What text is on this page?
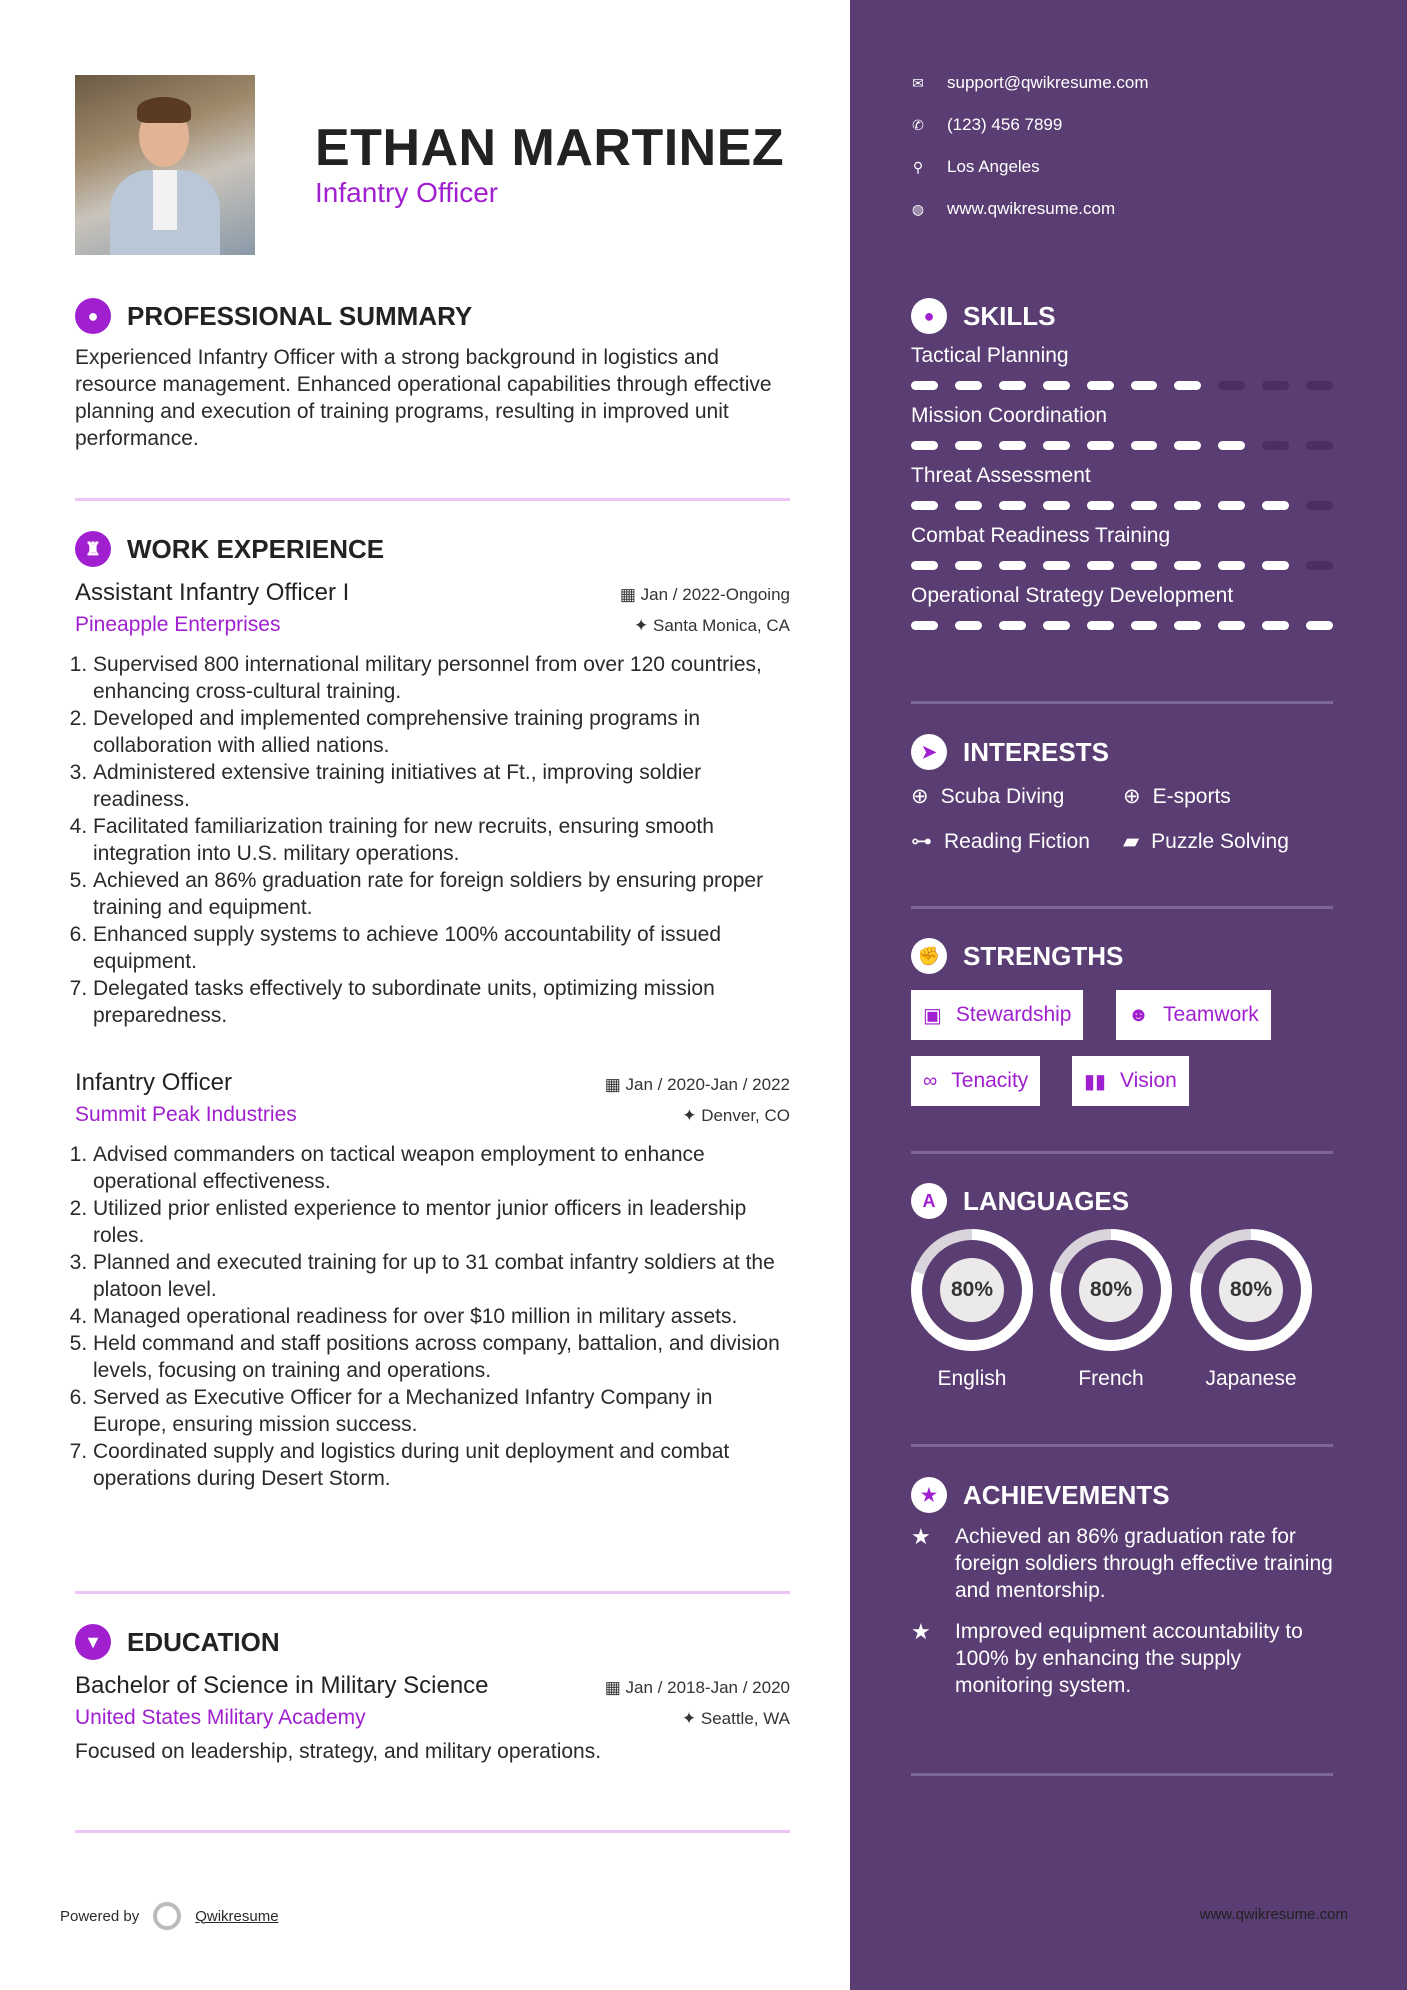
ETHAN MARTINEZ
Infantry Officer
✉ support@qwikresume.com
✆ (123) 456 7899
⚲ Los Angeles
◍ www.qwikresume.com
●	PROFESSIONAL SUMMARY

Experienced Infantry Officer with a strong background in logistics and resource management. Enhanced operational capabilities through effective planning and execution of training programs, resulting in improved unit performance.

♜ WORK EXPERIENCE
Assistant Infantry Officer I	▦ Jan / 2022-Ongoing
Pineapple Enterprises	✦ Santa Monica, CA
1. Supervised 800 international military personnel from over 120 countries, enhancing cross-cultural training.
2. Developed and implemented comprehensive training programs in collaboration with allied nations.
3. Administered extensive training initiatives at Ft., improving soldier readiness.
4. Facilitated familiarization training for new recruits, ensuring smooth integration into U.S. military operations.
5. Achieved an 86% graduation rate for foreign soldiers by ensuring proper training and equipment.
6. Enhanced supply systems to achieve 100% accountability of issued equipment.
7. Delegated tasks effectively to subordinate units, optimizing mission preparedness.
Infantry Officer	▦ Jan / 2020-Jan / 2022
Summit Peak Industries	✦ Denver, CO
1. Advised commanders on tactical weapon employment to enhance operational effectiveness.
2. Utilized prior enlisted experience to mentor junior officers in leadership roles.
3. Planned and executed training for up to 31 combat infantry soldiers at the platoon level.
4. Managed operational readiness for over $10 million in military assets.
5. Held command and staff positions across company, battalion, and division levels, focusing on training and operations.
6. Served as Executive Officer for a Mechanized Infantry Company in Europe, ensuring mission success.
7. Coordinated supply and logistics during unit deployment and combat operations during Desert Storm.
▼ EDUCATION
Bachelor of Science in Military Science	▦ Jan / 2018-Jan / 2020
United States Military Academy	✦ Seattle, WA

Focused on leadership, strategy, and military operations.

Powered by	Qwikresume	www.qwikresume.com
●	SKILLS
Tactical Planning
Mission Coordination
Threat Assessment
Combat Readiness Training
Operational Strategy Development
➤	INTERESTS
⊕ Scuba Diving	⊕ E-sports
⊶ Reading Fiction ▰ Puzzle Solving
✊ STRENGTHS
▣ Stewardship	☻ Teamwork
∞ Tenacity	▮▮ Vision
A	LANGUAGES
80%
English
80%
French
80%
Japanese
★ ACHIEVEMENTS
★	Achieved an 86% graduation rate for foreign soldiers through effective training and mentorship.
★	Improved equipment accountability to 100% by enhancing the supply monitoring system.
